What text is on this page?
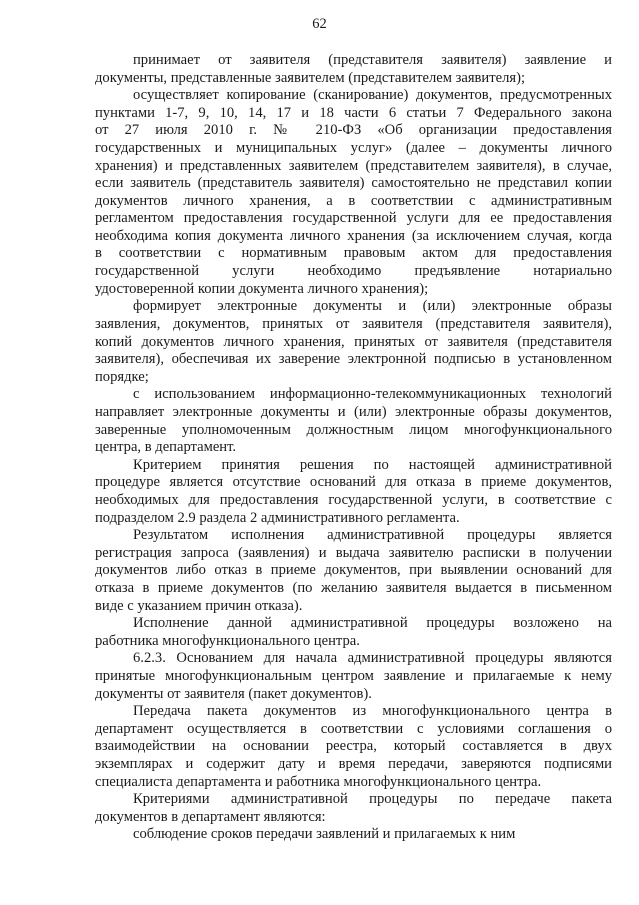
62
принимает от заявителя (представителя заявителя) заявление и
документы, представленные заявителем (представителем заявителя);
осуществляет копирование (сканирование) документов, предусмотренных
пунктами 1-7, 9, 10, 14, 17 и 18 части 6 статьи 7 Федерального закона
от 27 июля 2010 г. № 210-ФЗ «Об организации предоставления
государственных и муниципальных услуг» (далее – документы личного
хранения) и представленных заявителем (представителем заявителя), в случае,
если заявитель (представитель заявителя) самостоятельно не представил копии
документов личного хранения, а в соответствии с административным
регламентом предоставления государственной услуги для ее предоставления
необходима копия документа личного хранения (за исключением случая, когда
в соответствии с нормативным правовым актом для предоставления
государственной услуги необходимо предъявление нотариально
удостоверенной копии документа личного хранения);
формирует электронные документы и (или) электронные образы
заявления, документов, принятых от заявителя (представителя заявителя),
копий документов личного хранения, принятых от заявителя (представителя
заявителя), обеспечивая их заверение электронной подписью в установленном
порядке;
с использованием информационно-телекоммуникационных технологий
направляет электронные документы и (или) электронные образы документов,
заверенные уполномоченным должностным лицом многофункционального
центра, в департамент.
Критерием принятия решения по настоящей административной
процедуре является отсутствие оснований для отказа в приеме документов,
необходимых для предоставления государственной услуги, в соответствие с
подразделом 2.9 раздела 2 административного регламента.
Результатом исполнения административной процедуры является
регистрация запроса (заявления) и выдача заявителю расписки в получении
документов либо отказ в приеме документов, при выявлении оснований для
отказа в приеме документов (по желанию заявителя выдается в письменном
виде с указанием причин отказа).
Исполнение данной административной процедуры возложено на
работника многофункционального центра.
6.2.3. Основанием для начала административной процедуры являются
принятые многофункциональным центром заявление и прилагаемые к нему
документы от заявителя (пакет документов).
Передача пакета документов из многофункционального центра в
департамент осуществляется в соответствии с условиями соглашения о
взаимодействии на основании реестра, который составляется в двух
экземплярах и содержит дату и время передачи, заверяются подписями
специалиста департамента и работника многофункционального центра.
Критериями административной процедуры по передаче пакета
документов в департамент являются:
соблюдение сроков передачи заявлений и прилагаемых к ним
